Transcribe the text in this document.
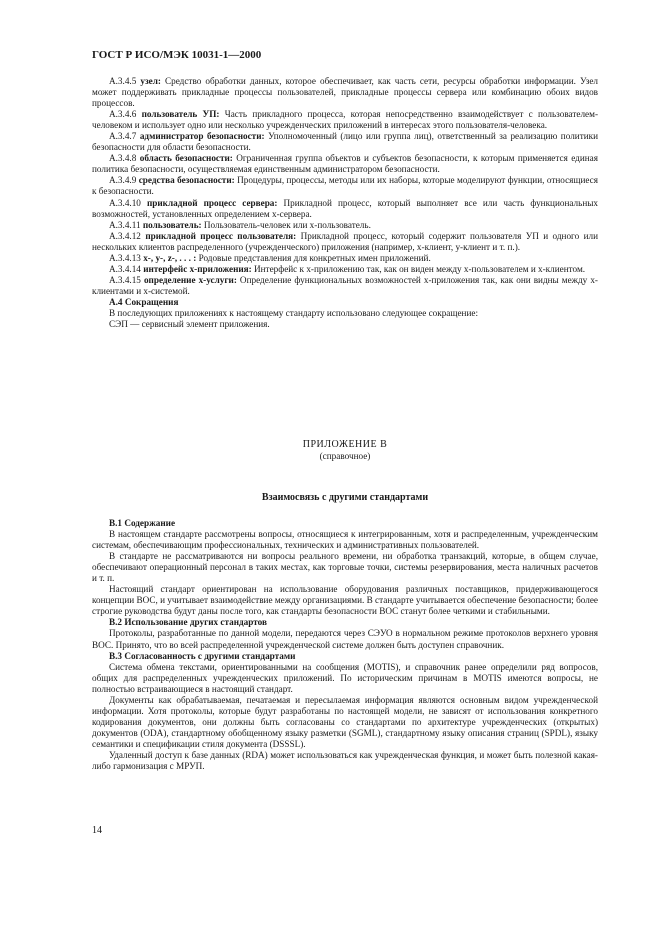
ГОСТ Р ИСО/МЭК 10031-1—2000

А.3.4.5 узел: Средство обработки данных, которое обеспечивает, как часть сети, ресурсы обработки информации. Узел может поддерживать прикладные процессы пользователей, прикладные процессы сервера или комбинацию обоих видов процессов.

А.3.4.6 пользователь УП: Часть прикладного процесса, которая непосредственно взаимодействует с пользователем-человеком и использует одно или несколько учрежденческих приложений в интересах этого пользователя-человека.

А.3.4.7 администратор безопасности: Уполномоченный (лицо или группа лиц), ответственный за реализацию политики безопасности для области безопасности.

А.3.4.8 область безопасности: Ограниченная группа объектов и субъектов безопасности, к которым применяется единая политика безопасности, осуществляемая единственным администратором безопасности.

А.3.4.9 средства безопасности: Процедуры, процессы, методы или их наборы, которые моделируют функции, относящиеся к безопасности.

А.3.4.10 прикладной процесс сервера: Прикладной процесс, который выполняет все или часть функциональных возможностей, установленных определением x-сервера.

А.3.4.11 пользователь: Пользователь-человек или x-пользователь.

А.3.4.12 прикладной процесс пользователя: Прикладной процесс, который содержит пользователя УП и одного или нескольких клиентов распределенного (учрежденческого) приложения (например, x-клиент, y-клиент и т. п.).

А.3.4.13 x-, y-, z-, . . . : Родовые представления для конкретных имен приложений.

А.3.4.14 интерфейс x-приложения: Интерфейс к x-приложению так, как он виден между x-пользователем и x-клиентом.

А.3.4.15 определение x-услуги: Определение функциональных возможностей x-приложения так, как они видны между x-клиентами и x-системой.

А.4 Сокращения

В последующих приложениях к настоящему стандарту использовано следующее сокращение:

СЭП — сервисный элемент приложения.

ПРИЛОЖЕНИЕ В
(справочное)
Взаимосвязь с другими стандартами

В.1 Содержание

В настоящем стандарте рассмотрены вопросы, относящиеся к интегрированным, хотя и распределенным, учрежденческим системам, обеспечивающим профессиональных, технических и административных пользователей.

В стандарте не рассматриваются ни вопросы реального времени, ни обработка транзакций, которые, в общем случае, обеспечивают операционный персонал в таких местах, как торговые точки, системы резервирования, места наличных расчетов и т. п.

Настоящий стандарт ориентирован на использование оборудования различных поставщиков, придерживающегося концепции ВОС, и учитывает взаимодействие между организациями. В стандарте учитывается обеспечение безопасности; более строгие руководства будут даны после того, как стандарты безопасности ВОС станут более четкими и стабильными.

В.2 Использование других стандартов

Протоколы, разработанные по данной модели, передаются через СЭУО в нормальном режиме протоколов верхнего уровня ВОС. Принято, что во всей распределенной учрежденческой системе должен быть доступен справочник.

В.3 Согласованность с другими стандартами

Система обмена текстами, ориентированными на сообщения (MOTIS), и справочник ранее определили ряд вопросов, общих для распределенных учрежденческих приложений. По историческим причинам в MOTIS имеются вопросы, не полностью встраивающиеся в настоящий стандарт.

Документы как обрабатываемая, печатаемая и пересылаемая информация являются основным видом учрежденческой информации. Хотя протоколы, которые будут разработаны по настоящей модели, не зависят от использования конкретного кодирования документов, они должны быть согласованы со стандартами по архитектуре учрежденческих (открытых) документов (ODA), стандартному обобщенному языку разметки (SGML), стандартному языку описания страниц (SPDL), языку семантики и спецификации стиля документа (DSSSL).

Удаленный доступ к базе данных (RDA) может использоваться как учрежденческая функция, и может быть полезной какая-либо гармонизация с МРУП.

14
